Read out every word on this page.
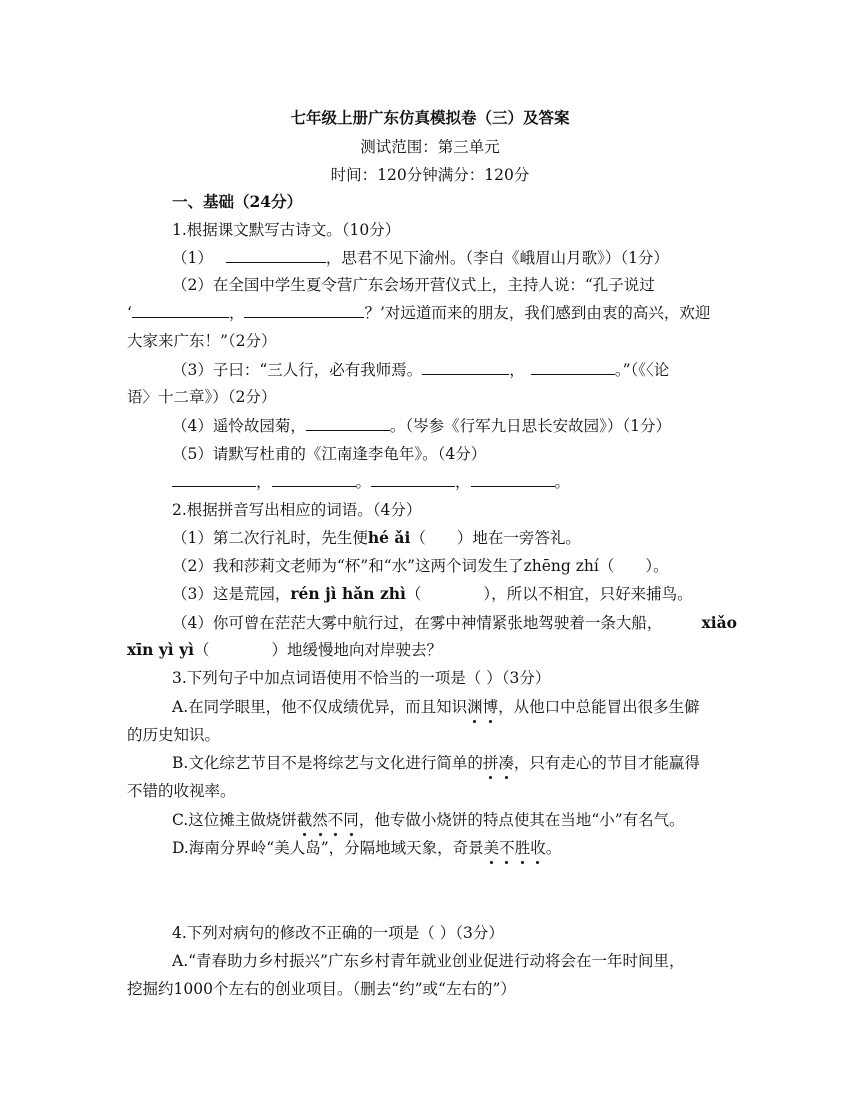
七年级上册广东仿真模拟卷（三）及答案
测试范围：第三单元
时间：120分钟满分：120分
一、基础（24分）
1.根据课文默写古诗文。（10分）
（1）	，思君不见下渝州。（李白《峨眉山月歌》）（1分）
（2）在全国中学生夏令营广东会场开营仪式上，主持人说：“孔子说过
‘	，	？’对远道而来的朋友，我们感到由衷的高兴，欢迎
大家来广东！”（2分）
（3）子曰：“三人行，必有我师焉。	，	。”（《〈论
语〉十二章》）（2分）
（4）遥怜故园菊，	。（岑参《行军九日思长安故园》）（1分）
（5）请默写杜甫的《江南逢李龟年》。（4分）
，	。	，	。
2.根据拼音写出相应的词语。（4分）
（1）第二次行礼时，先生便hé ǎi（　　）地在一旁答礼。
（2）我和莎莉文老师为“杯”和“水”这两个词发生了zhēng zhí（　　）。
（3）这是荒园，rén jì hǎn zhì（　　　　），所以不相宜，只好来捕鸟。
（4）你可曾在茫茫大雾中航行过，在雾中神情紧张地驾驶着一条大船，	xiǎo
xīn yì yì（　　　　）地缓慢地向对岸驶去？
3.下列句子中加点词语使用不恰当的一项是（ ）（3分）
A.在同学眼里，他不仅成绩优异，而且知识渊博，从他口中总能冒出很多生僻
的历史知识。
B.文化综艺节目不是将综艺与文化进行简单的拼凑，只有走心的节目才能赢得
不错的收视率。
C.这位摊主做烧饼截然不同，他专做小烧饼的特点使其在当地“小”有名气。
D.海南分界岭“美人岛”，分隔地域天象，奇景美不胜收。
4.下列对病句的修改不正确的一项是（ ）（3分）
A.“青春助力乡村振兴”广东乡村青年就业创业促进行动将会在一年时间里，
挖掘约1000个左右的创业项目。（删去“约”或“左右的”）
